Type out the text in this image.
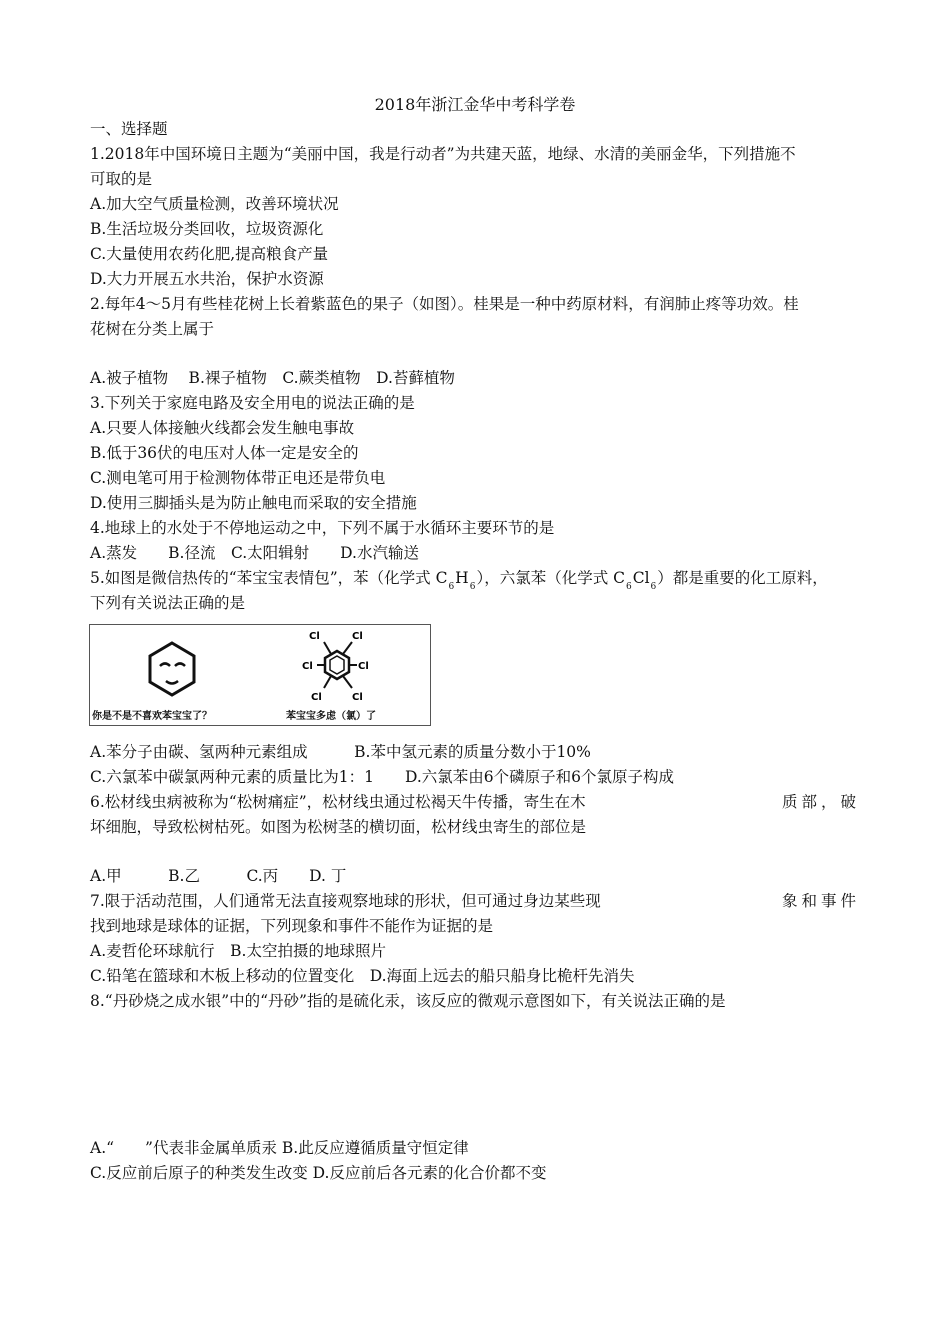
2018年浙江金华中考科学卷
一、选择题
1.2018年中国环境日主题为“美丽中国，我是行动者”为共建天蓝，地绿、水清的美丽金华，下列措施不
可取的是
A.加大空气质量检测，改善环境状况
B.生活垃圾分类回收，垃圾资源化
C.大量使用农药化肥,提高粮食产量
D.大力开展五水共治，保护水资源
2.每年4～5月有些桂花树上长着紫蓝色的果子（如图）。桂果是一种中药原材料，有润肺止疼等功效。桂
花树在分类上属于
A.被子植物　 B.裸子植物　C.蕨类植物　D.苔藓植物
3.下列关于家庭电路及安全用电的说法正确的是
A.只要人体接触火线都会发生触电事故
B.低于36伏的电压对人体一定是安全的
C.测电笔可用于检测物体带正电还是带负电
D.使用三脚插头是为防止触电而采取的安全措施
4.地球上的水处于不停地运动之中，下列不属于水循环主要环节的是
A.蒸发　　B.径流　C.太阳辑射　　D.水汽输送
5.如图是微信热传的“苯宝宝表情包”，苯（化学式 $C_6H_6$），六氯苯（化学式 $C_6Cl_6$）都是重要的化工原料，
下列有关说法正确的是
Cl	Cl
Cl
Cl
Cl	Cl
你是不是不喜欢苯宝宝了？	苯宝宝多虑（氯）了
A.苯分子由碳、氢两种元素组成　　　B.苯中氢元素的质量分数小于10%
C.六氯苯中碳氯两种元素的质量比为1：1　　D.六氯苯由6个磷原子和6个氯原子构成
6.松材线虫病被称为“松树痛症”，松材线虫通过松褐天牛传播，寄生在木	质部，破
坏细胞，导致松树枯死。如图为松树茎的横切面，松材线虫寄生的部位是
A.甲　　　B.乙　　　C.丙　　D. 丁
7.限于活动范围，人们通常无法直接观察地球的形状，但可通过身边某些现	象和事件
找到地球是球体的证据，下列现象和事件不能作为证据的是
A.麦哲伦环球航行　B.太空拍摄的地球照片
C.铅笔在篮球和木板上移动的位置变化　D.海面上远去的船只船身比桅杆先消失
8.“丹砂烧之成水银”中的“丹砂”指的是硫化汞，该反应的微观示意图如下，有关说法正确的是
A.“　　”代表非金属单质汞 B.此反应遵循质量守恒定律
C.反应前后原子的种类发生改变 D.反应前后各元素的化合价都不变
